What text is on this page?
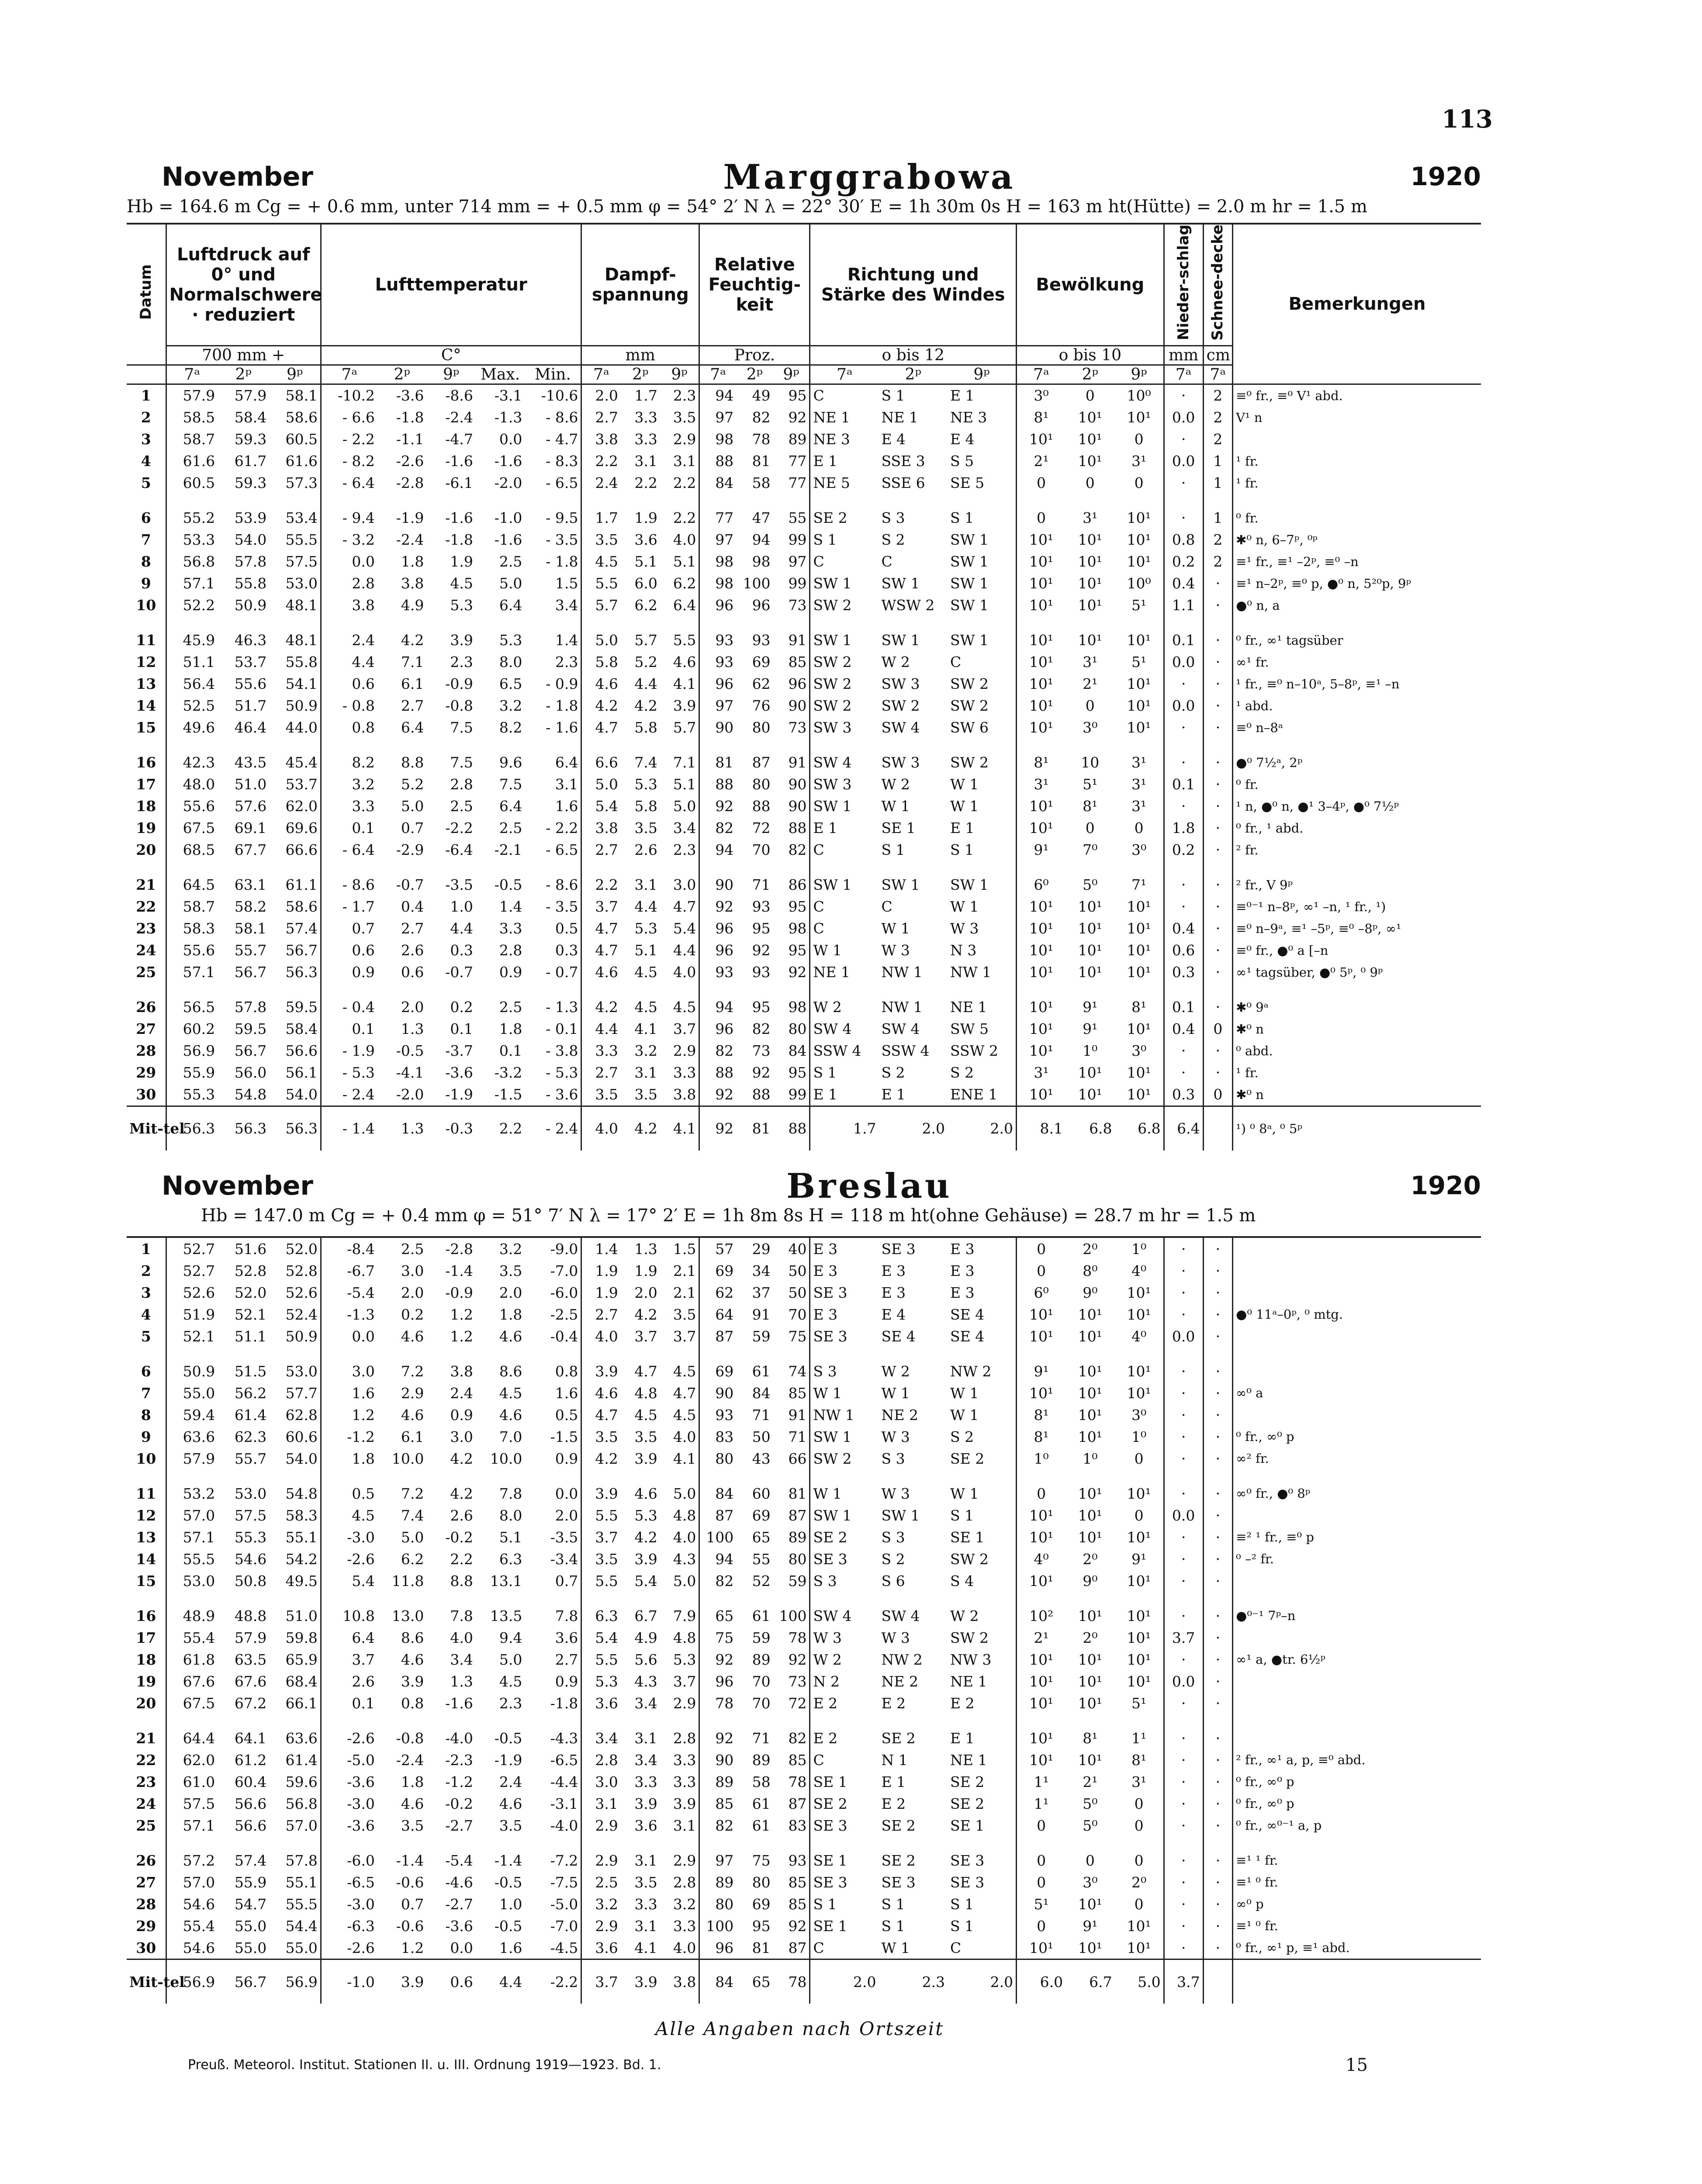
113
November	Marggrabowa	1920
Hb = 164.6 m Cg = + 0.6 mm, unter 714 mm = + 0.5 mm φ = 54° 2′ N λ = 22° 30′ E = 1h 30m 0s H = 163 m ht(Hütte) = 2.0 m hr = 1.5 m
Datum	Luftdruck auf 0° und Normalschwere · reduziert			Lufttemperatur					Dampf-spannung			Relative Feuchtig-keit			Richtung und Stärke des Windes			Bewölkung			Nieder-schlag	Schnee-decke	Bemerkungen
	700 mm +			C°					mm			Proz.			o bis 12			o bis 10			mm	cm	
	7ᵃ	2ᵖ	9ᵖ	7ᵃ	2ᵖ	9ᵖ	Max.	Min.	7ᵃ	2ᵖ	9ᵖ	7ᵃ	2ᵖ	9ᵖ	7ᵃ	2ᵖ	9ᵖ	7ᵃ	2ᵖ	9ᵖ	7ᵃ	7ᵃ	
1	57.9	57.9	58.1	-10.2	-3.6	-8.6	-3.1	-10.6	2.0	1.7	2.3	94	49	95	C	S 1	E 1	3⁰	0	10⁰	·	2	≡⁰ fr., ≡⁰ V¹ abd.
2	58.5	58.4	58.6	- 6.6	-1.8	-2.4	-1.3	- 8.6	2.7	3.3	3.5	97	82	92	NE 1	NE 1	NE 3	8¹	10¹	10¹	0.0	2	V¹ n
3	58.7	59.3	60.5	- 2.2	-1.1	-4.7	0.0	- 4.7	3.8	3.3	2.9	98	78	89	NE 3	E 4	E 4	10¹	10¹	0	·	2	
4	61.6	61.7	61.6	- 8.2	-2.6	-1.6	-1.6	- 8.3	2.2	3.1	3.1	88	81	77	E 1	SSE 3	S 5	2¹	10¹	3¹	0.0	1	¹ fr.
5	60.5	59.3	57.3	- 6.4	-2.8	-6.1	-2.0	- 6.5	2.4	2.2	2.2	84	58	77	NE 5	SSE 6	SE 5	0	0	0	·	1	¹ fr.
6	55.2	53.9	53.4	- 9.4	-1.9	-1.6	-1.0	- 9.5	1.7	1.9	2.2	77	47	55	SE 2	S 3	S 1	0	3¹	10¹	·	1	⁰ fr.
7	53.3	54.0	55.5	- 3.2	-2.4	-1.8	-1.6	- 3.5	3.5	3.6	4.0	97	94	99	S 1	S 2	SW 1	10¹	10¹	10¹	0.8	2	✱⁰ n, 6–7ᵖ, ⁰ᵖ
8	56.8	57.8	57.5	0.0	1.8	1.9	2.5	- 1.8	4.5	5.1	5.1	98	98	97	C	C	SW 1	10¹	10¹	10¹	0.2	2	≡¹ fr., ≡¹ –2ᵖ, ≡⁰ –n
9	57.1	55.8	53.0	2.8	3.8	4.5	5.0	1.5	5.5	6.0	6.2	98	100	99	SW 1	SW 1	SW 1	10¹	10¹	10⁰	0.4	·	≡¹ n–2ᵖ, ≡⁰ p, ●⁰ n, 5²⁰p, 9ᵖ
10	52.2	50.9	48.1	3.8	4.9	5.3	6.4	3.4	5.7	6.2	6.4	96	96	73	SW 2	WSW 2	SW 1	10¹	10¹	5¹	1.1	·	●⁰ n, a
11	45.9	46.3	48.1	2.4	4.2	3.9	5.3	1.4	5.0	5.7	5.5	93	93	91	SW 1	SW 1	SW 1	10¹	10¹	10¹	0.1	·	⁰ fr., ∞¹ tagsüber
12	51.1	53.7	55.8	4.4	7.1	2.3	8.0	2.3	5.8	5.2	4.6	93	69	85	SW 2	W 2	C	10¹	3¹	5¹	0.0	·	∞¹ fr.
13	56.4	55.6	54.1	0.6	6.1	-0.9	6.5	- 0.9	4.6	4.4	4.1	96	62	96	SW 2	SW 3	SW 2	10¹	2¹	10¹	·	·	¹ fr., ≡⁰ n–10ᵃ, 5–8ᵖ, ≡¹ –n
14	52.5	51.7	50.9	- 0.8	2.7	-0.8	3.2	- 1.8	4.2	4.2	3.9	97	76	90	SW 2	SW 2	SW 2	10¹	0	10¹	0.0	·	¹ abd.
15	49.6	46.4	44.0	0.8	6.4	7.5	8.2	- 1.6	4.7	5.8	5.7	90	80	73	SW 3	SW 4	SW 6	10¹	3⁰	10¹	·	·	≡⁰ n–8ᵃ
16	42.3	43.5	45.4	8.2	8.8	7.5	9.6	6.4	6.6	7.4	7.1	81	87	91	SW 4	SW 3	SW 2	8¹	10	3¹	·	·	●⁰ 7½ᵃ, 2ᵖ
17	48.0	51.0	53.7	3.2	5.2	2.8	7.5	3.1	5.0	5.3	5.1	88	80	90	SW 3	W 2	W 1	3¹	5¹	3¹	0.1	·	⁰ fr.
18	55.6	57.6	62.0	3.3	5.0	2.5	6.4	1.6	5.4	5.8	5.0	92	88	90	SW 1	W 1	W 1	10¹	8¹	3¹	·	·	¹ n, ●⁰ n, ●¹ 3–4ᵖ, ●⁰ 7½ᵖ
19	67.5	69.1	69.6	0.1	0.7	-2.2	2.5	- 2.2	3.8	3.5	3.4	82	72	88	E 1	SE 1	E 1	10¹	0	0	1.8	·	⁰ fr., ¹ abd.
20	68.5	67.7	66.6	- 6.4	-2.9	-6.4	-2.1	- 6.5	2.7	2.6	2.3	94	70	82	C	S 1	S 1	9¹	7⁰	3⁰	0.2	·	² fr.
21	64.5	63.1	61.1	- 8.6	-0.7	-3.5	-0.5	- 8.6	2.2	3.1	3.0	90	71	86	SW 1	SW 1	SW 1	6⁰	5⁰	7¹	·	·	² fr., V 9ᵖ
22	58.7	58.2	58.6	- 1.7	0.4	1.0	1.4	- 3.5	3.7	4.4	4.7	92	93	95	C	C	W 1	10¹	10¹	10¹	·	·	≡⁰⁻¹ n–8ᵖ, ∞¹ –n, ¹ fr., ¹)
23	58.3	58.1	57.4	0.7	2.7	4.4	3.3	0.5	4.7	5.3	5.4	96	95	98	C	W 1	W 3	10¹	10¹	10¹	0.4	·	≡⁰ n–9ᵃ, ≡¹ –5ᵖ, ≡⁰ –8ᵖ, ∞¹
24	55.6	55.7	56.7	0.6	2.6	0.3	2.8	0.3	4.7	5.1	4.4	96	92	95	W 1	W 3	N 3	10¹	10¹	10¹	0.6	·	≡⁰ fr., ●⁰ a [–n
25	57.1	56.7	56.3	0.9	0.6	-0.7	0.9	- 0.7	4.6	4.5	4.0	93	93	92	NE 1	NW 1	NW 1	10¹	10¹	10¹	0.3	·	∞¹ tagsüber, ●⁰ 5ᵖ, ⁰ 9ᵖ
26	56.5	57.8	59.5	- 0.4	2.0	0.2	2.5	- 1.3	4.2	4.5	4.5	94	95	98	W 2	NW 1	NE 1	10¹	9¹	8¹	0.1	·	✱⁰ 9ᵃ
27	60.2	59.5	58.4	0.1	1.3	0.1	1.8	- 0.1	4.4	4.1	3.7	96	82	80	SW 4	SW 4	SW 5	10¹	9¹	10¹	0.4	0	✱⁰ n
28	56.9	56.7	56.6	- 1.9	-0.5	-3.7	0.1	- 3.8	3.3	3.2	2.9	82	73	84	SSW 4	SSW 4	SSW 2	10¹	1⁰	3⁰	·	·	⁰ abd.
29	55.9	56.0	56.1	- 5.3	-4.1	-3.6	-3.2	- 5.3	2.7	3.1	3.3	88	92	95	S 1	S 2	S 2	3¹	10¹	10¹	·	·	¹ fr.
30	55.3	54.8	54.0	- 2.4	-2.0	-1.9	-1.5	- 3.6	3.5	3.5	3.8	92	88	99	E 1	E 1	ENE 1	10¹	10¹	10¹	0.3	0	✱⁰ n
Mit-tel	56.3	56.3	56.3	- 1.4	1.3	-0.3	2.2	- 2.4	4.0	4.2	4.1	92	81	88	1.7	2.0	2.0	8.1	6.8	6.8	6.4		¹) ⁰ 8ᵃ, ⁰ 5ᵖ
November	Breslau	1920
Hb = 147.0 m Cg = + 0.4 mm φ = 51° 7′ N λ = 17° 2′ E = 1h 8m 8s H = 118 m ht(ohne Gehäuse) = 28.7 m hr = 1.5 m
1	52.7	51.6	52.0	-8.4	2.5	-2.8	3.2	-9.0	1.4	1.3	1.5	57	29	40	E 3	SE 3	E 3	0	2⁰	1⁰	·	·	
2	52.7	52.8	52.8	-6.7	3.0	-1.4	3.5	-7.0	1.9	1.9	2.1	69	34	50	E 3	E 3	E 3	0	8⁰	4⁰	·	·	
3	52.6	52.0	52.6	-5.4	2.0	-0.9	2.0	-6.0	1.9	2.0	2.1	62	37	50	SE 3	E 3	E 3	6⁰	9⁰	10¹	·	·	
4	51.9	52.1	52.4	-1.3	0.2	1.2	1.8	-2.5	2.7	4.2	3.5	64	91	70	E 3	E 4	SE 4	10¹	10¹	10¹	·	·	●⁰ 11ᵃ–0ᵖ, ⁰ mtg.
5	52.1	51.1	50.9	0.0	4.6	1.2	4.6	-0.4	4.0	3.7	3.7	87	59	75	SE 3	SE 4	SE 4	10¹	10¹	4⁰	0.0	·	
6	50.9	51.5	53.0	3.0	7.2	3.8	8.6	0.8	3.9	4.7	4.5	69	61	74	S 3	W 2	NW 2	9¹	10¹	10¹	·	·	
7	55.0	56.2	57.7	1.6	2.9	2.4	4.5	1.6	4.6	4.8	4.7	90	84	85	W 1	W 1	W 1	10¹	10¹	10¹	·	·	∞⁰ a
8	59.4	61.4	62.8	1.2	4.6	0.9	4.6	0.5	4.7	4.5	4.5	93	71	91	NW 1	NE 2	W 1	8¹	10¹	3⁰	·	·	
9	63.6	62.3	60.6	-1.2	6.1	3.0	7.0	-1.5	3.5	3.5	4.0	83	50	71	SW 1	W 3	S 2	8¹	10¹	1⁰	·	·	⁰ fr., ∞⁰ p
10	57.9	55.7	54.0	1.8	10.0	4.2	10.0	0.9	4.2	3.9	4.1	80	43	66	SW 2	S 3	SE 2	1⁰	1⁰	0	·	·	∞² fr.
11	53.2	53.0	54.8	0.5	7.2	4.2	7.8	0.0	3.9	4.6	5.0	84	60	81	W 1	W 3	W 1	0	10¹	10¹	·	·	∞⁰ fr., ●⁰ 8ᵖ
12	57.0	57.5	58.3	4.5	7.4	2.6	8.0	2.0	5.5	5.3	4.8	87	69	87	SW 1	SW 1	S 1	10¹	10¹	0	0.0	·	
13	57.1	55.3	55.1	-3.0	5.0	-0.2	5.1	-3.5	3.7	4.2	4.0	100	65	89	SE 2	S 3	SE 1	10¹	10¹	10¹	·	·	≡² ¹ fr., ≡⁰ p
14	55.5	54.6	54.2	-2.6	6.2	2.2	6.3	-3.4	3.5	3.9	4.3	94	55	80	SE 3	S 2	SW 2	4⁰	2⁰	9¹	·	·	⁰ –² fr.
15	53.0	50.8	49.5	5.4	11.8	8.8	13.1	0.7	5.5	5.4	5.0	82	52	59	S 3	S 6	S 4	10¹	9⁰	10¹	·	·	
16	48.9	48.8	51.0	10.8	13.0	7.8	13.5	7.8	6.3	6.7	7.9	65	61	100	SW 4	SW 4	W 2	10²	10¹	10¹	·	·	●⁰⁻¹ 7ᵖ–n
17	55.4	57.9	59.8	6.4	8.6	4.0	9.4	3.6	5.4	4.9	4.8	75	59	78	W 3	W 3	SW 2	2¹	2⁰	10¹	3.7	·	
18	61.8	63.5	65.9	3.7	4.6	3.4	5.0	2.7	5.5	5.6	5.3	92	89	92	W 2	NW 2	NW 3	10¹	10¹	10¹	·	·	∞¹ a, ●tr. 6½ᵖ
19	67.6	67.6	68.4	2.6	3.9	1.3	4.5	0.9	5.3	4.3	3.7	96	70	73	N 2	NE 2	NE 1	10¹	10¹	10¹	0.0	·	
20	67.5	67.2	66.1	0.1	0.8	-1.6	2.3	-1.8	3.6	3.4	2.9	78	70	72	E 2	E 2	E 2	10¹	10¹	5¹	·	·	
21	64.4	64.1	63.6	-2.6	-0.8	-4.0	-0.5	-4.3	3.4	3.1	2.8	92	71	82	E 2	SE 2	E 1	10¹	8¹	1¹	·	·	
22	62.0	61.2	61.4	-5.0	-2.4	-2.3	-1.9	-6.5	2.8	3.4	3.3	90	89	85	C	N 1	NE 1	10¹	10¹	8¹	·	·	² fr., ∞¹ a, p, ≡⁰ abd.
23	61.0	60.4	59.6	-3.6	1.8	-1.2	2.4	-4.4	3.0	3.3	3.3	89	58	78	SE 1	E 1	SE 2	1¹	2¹	3¹	·	·	⁰ fr., ∞⁰ p
24	57.5	56.6	56.8	-3.0	4.6	-0.2	4.6	-3.1	3.1	3.9	3.9	85	61	87	SE 2	E 2	SE 2	1¹	5⁰	0	·	·	⁰ fr., ∞⁰ p
25	57.1	56.6	57.0	-3.6	3.5	-2.7	3.5	-4.0	2.9	3.6	3.1	82	61	83	SE 3	SE 2	SE 1	0	5⁰	0	·	·	⁰ fr., ∞⁰⁻¹ a, p
26	57.2	57.4	57.8	-6.0	-1.4	-5.4	-1.4	-7.2	2.9	3.1	2.9	97	75	93	SE 1	SE 2	SE 3	0	0	0	·	·	≡¹ ¹ fr.
27	57.0	55.9	55.1	-6.5	-0.6	-4.6	-0.5	-7.5	2.5	3.5	2.8	89	80	85	SE 3	SE 3	SE 3	0	3⁰	2⁰	·	·	≡¹ ⁰ fr.
28	54.6	54.7	55.5	-3.0	0.7	-2.7	1.0	-5.0	3.2	3.3	3.2	80	69	85	S 1	S 1	S 1	5¹	10¹	0	·	·	∞⁰ p
29	55.4	55.0	54.4	-6.3	-0.6	-3.6	-0.5	-7.0	2.9	3.1	3.3	100	95	92	SE 1	S 1	S 1	0	9¹	10¹	·	·	≡¹ ⁰ fr.
30	54.6	55.0	55.0	-2.6	1.2	0.0	1.6	-4.5	3.6	4.1	4.0	96	81	87	C	W 1	C	10¹	10¹	10¹	·	·	⁰ fr., ∞¹ p, ≡¹ abd.
Mit-tel	56.9	56.7	56.9	-1.0	3.9	0.6	4.4	-2.2	3.7	3.9	3.8	84	65	78	2.0	2.3	2.0	6.0	6.7	5.0	3.7		
Alle Angaben nach Ortszeit
Preuß. Meteorol. Institut. Stationen II. u. III. Ordnung 1919—1923. Bd. 1.	15
